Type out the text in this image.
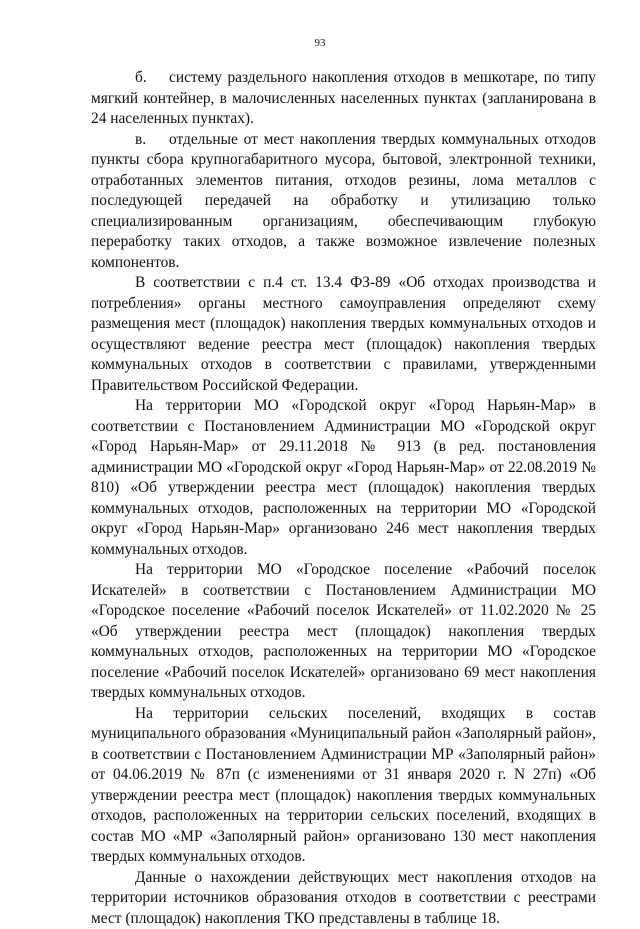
93

б. систему раздельного накопления отходов в мешкотаре, по типу мягкий контейнер, в малочисленных населенных пунктах (запланирована в 24 населенных пунктах).

в. отдельные от мест накопления твердых коммунальных отходов пункты сбора крупногабаритного мусора, бытовой, электронной техники, отработанных элементов питания, отходов резины, лома металлов с последующей передачей на обработку и утилизацию только специализированным организациям, обеспечивающим глубокую переработку таких отходов, а также возможное извлечение полезных компонентов.

В соответствии с п.4 ст. 13.4 ФЗ-89 «Об отходах производства и потребления» органы местного самоуправления определяют схему размещения мест (площадок) накопления твердых коммунальных отходов и осуществляют ведение реестра мест (площадок) накопления твердых коммунальных отходов в соответствии с правилами, утвержденными Правительством Российской Федерации.

На территории МО «Городской округ «Город Нарьян-Мар» в соответствии с Постановлением Администрации МО «Городской округ «Город Нарьян-Мар» от 29.11.2018 № 913 (в ред. постановления администрации МО «Городской округ «Город Нарьян-Мар» от 22.08.2019 № 810) «Об утверждении реестра мест (площадок) накопления твердых коммунальных отходов, расположенных на территории МО «Городской округ «Город Нарьян-Мар» организовано 246 мест накопления твердых коммунальных отходов.

На территории МО «Городское поселение «Рабочий поселок Искателей» в соответствии с Постановлением Администрации МО «Городское поселение «Рабочий поселок Искателей» от 11.02.2020 № 25 «Об утверждении реестра мест (площадок) накопления твердых коммунальных отходов, расположенных на территории МО «Городское поселение «Рабочий поселок Искателей» организовано 69 мест накопления твердых коммунальных отходов.

На территории сельских поселений, входящих в состав муниципального образования «Муниципальный район «Заполярный район», в соответствии с Постановлением Администрации МР «Заполярный район» от 04.06.2019 № 87п (с изменениями от 31 января 2020 г. N 27п) «Об утверждении реестра мест (площадок) накопления твердых коммунальных отходов, расположенных на территории сельских поселений, входящих в состав МО «МР «Заполярный район» организовано 130 мест накопления твердых коммунальных отходов.

Данные о нахождении действующих мест накопления отходов на территории источников образования отходов в соответствии с реестрами мест (площадок) накопления ТКО представлены в таблице 18.
